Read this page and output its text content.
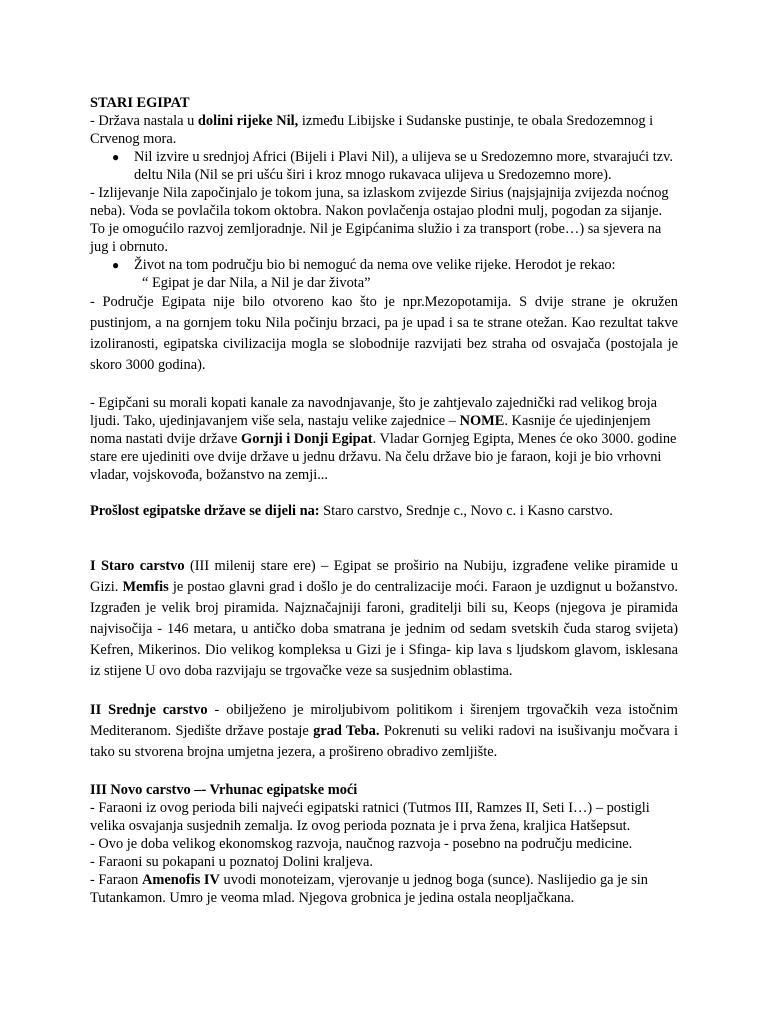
STARI EGIPAT

- Država nastala u dolini rijeke Nil, između Libijske i Sudanske pustinje, te obala Sredozemnog i Crvenog mora.

● Nil izvire u srednjoj Africi (Bijeli i Plavi Nil), a ulijeva se u Sredozemno more, stvarajući tzv. deltu Nila (Nil se pri ušću širi i kroz mnogo rukavaca ulijeva u Sredozemno more).

- Izlijevanje Nila započinjalo je tokom juna, sa izlaskom zvijezde Sirius (najsjajnija zvijezda noćnog neba). Voda se povlačila tokom oktobra. Nakon povlačenja ostajao plodni mulj, pogodan za sijanje. To je omogućilo razvoj zemljoradnje. Nil je Egipćanima služio i za transport (robe…) sa sjevera na jug i obrnuto.

● Život na tom području bio bi nemoguć da nema ove velike rijeke. Herodot je rekao:
“ Egipat je dar Nila, a Nil je dar života”

- Područje Egipata nije bilo otvoreno kao što je npr.Mezopotamija. S dvije strane je okružen pustinjom, a na gornjem toku Nila počinju brzaci, pa je upad i sa te strane otežan. Kao rezultat takve izoliranosti, egipatska civilizacija mogla se slobodnije razvijati bez straha od osvajača (postojala je skoro 3000 godina).

- Egipčani su morali kopati kanale za navodnjavanje, što je zahtjevalo zajednički rad velikog broja ljudi. Tako, ujedinjavanjem više sela, nastaju velike zajednice – NOME. Kasnije će ujedinjenjem noma nastati dvije države Gornji i Donji Egipat. Vladar Gornjeg Egipta, Menes će oko 3000. godine stare ere ujediniti ove dvije države u jednu državu. Na čelu države bio je faraon, koji je bio vrhovni vladar, vojskovođa, božanstvo na zemji...

Prošlost egipatske države se dijeli na: Staro carstvo, Srednje c., Novo c. i Kasno carstvo.

I Staro carstvo (III milenij stare ere) – Egipat se proširio na Nubiju, izgrađene velike piramide u Gizi. Memfis je postao glavni grad i došlo je do centralizacije moći. Faraon je uzdignut u božanstvo. Izgrađen je velik broj piramida. Najznačajniji faroni, graditelji bili su, Keops (njegova je piramida najvisočija - 146 metara, u antičko doba smatrana je jednim od sedam svetskih čuda starog svijeta) Kefren, Mikerinos. Dio velikog kompleksa u Gizi je i Sfinga- kip lava s ljudskom glavom, isklesana iz stijene U ovo doba razvijaju se trgovačke veze sa susjednim oblastima.

II Srednje carstvo - obilježeno je miroljubivom politikom i širenjem trgovačkih veza istočnim Mediteranom. Sjedište države postaje grad Teba. Pokrenuti su veliki radovi na isušivanju močvara i tako su stvorena brojna umjetna jezera, a prošireno obradivo zemljište.

III Novo carstvo –- Vrhunac egipatske moći

- Faraoni iz ovog perioda bili najveći egipatski ratnici (Tutmos III, Ramzes II, Seti I…) – postigli velika osvajanja susjednih zemalja. Iz ovog perioda poznata je i prva žena, kraljica Hatšepsut.

- Ovo je doba velikog ekonomskog razvoja, naučnog razvoja - posebno na području medicine.

- Faraoni su pokapani u poznatoj Dolini kraljeva.

- Faraon Amenofis IV uvodi monoteizam, vjerovanje u jednog boga (sunce). Naslijedio ga je sin Tutankamon. Umro je veoma mlad. Njegova grobnica je jedina ostala neopljačkana.
